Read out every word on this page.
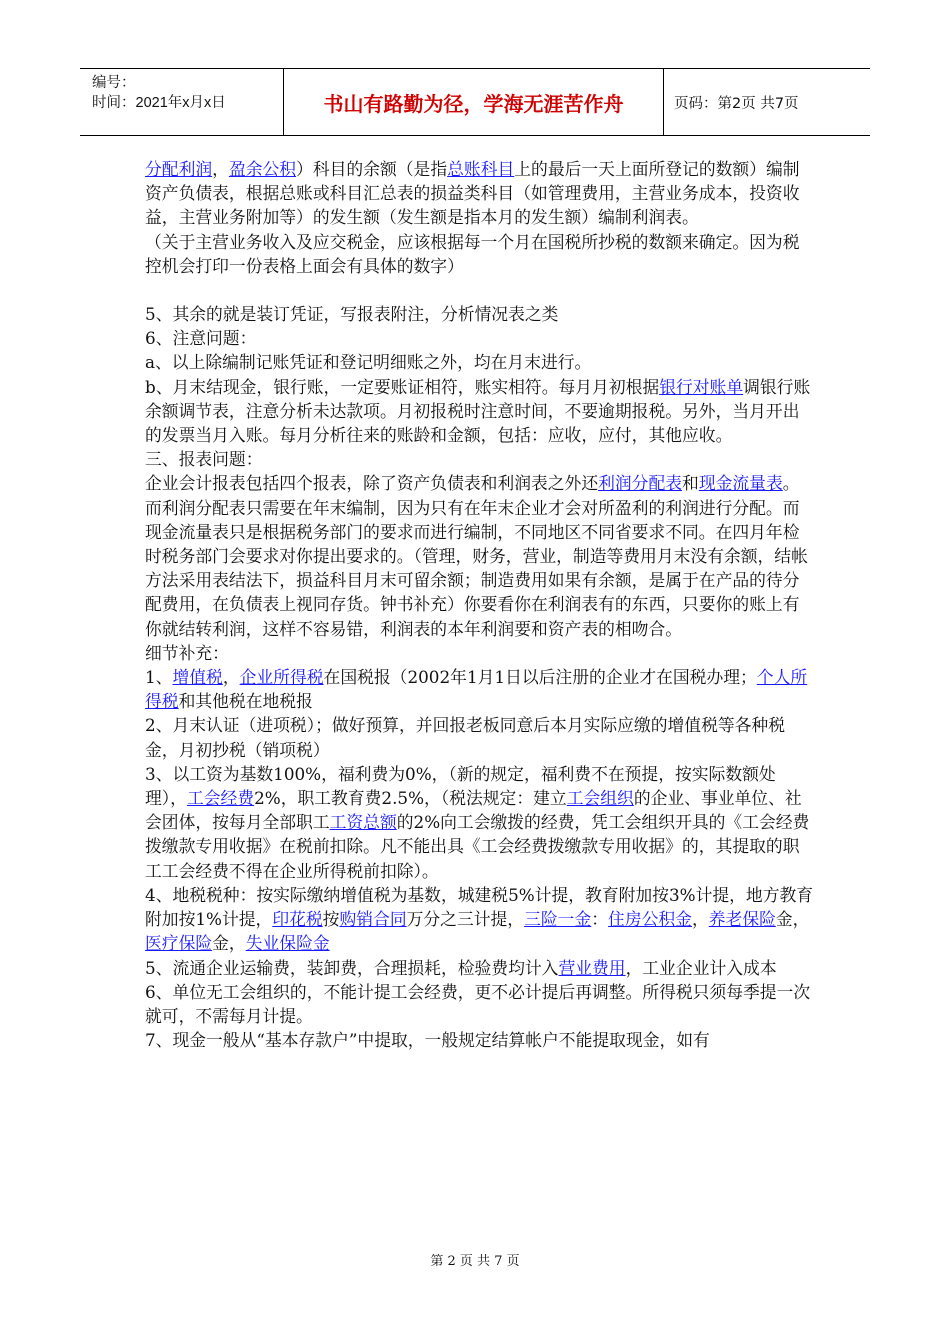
编号：
时间：2021年x月x日	书山有路勤为径，学海无涯苦作舟	页码：第2页 共7页
分配利润，盈余公积）科目的余额（是指总账科目上的最后一天上面所登记的数额）编制资产负债表，根据总账或科目汇总表的损益类科目（如管理费用，主营业务成本，投资收益，主营业务附加等）的发生额（发生额是指本月的发生额）编制利润表。
（关于主营业务收入及应交税金，应该根据每一个月在国税所抄税的数额来确定。因为税控机会打印一份表格上面会有具体的数字）
5、其余的就是装订凭证，写报表附注，分析情况表之类
6、注意问题：
a、以上除编制记账凭证和登记明细账之外，均在月末进行。
b、月末结现金，银行账，一定要账证相符，账实相符。每月月初根据银行对账单调银行账余额调节表，注意分析未达款项。月初报税时注意时间，不要逾期报税。另外，当月开出的发票当月入账。每月分析往来的账龄和金额，包括：应收，应付，其他应收。
三、报表问题：
企业会计报表包括四个报表，除了资产负债表和利润表之外还利润分配表和现金流量表。而利润分配表只需要在年末编制，因为只有在年末企业才会对所盈利的利润进行分配。而现金流量表只是根据税务部门的要求而进行编制，不同地区不同省要求不同。在四月年检时税务部门会要求对你提出要求的。（管理，财务，营业，制造等费用月末没有余额，结帐方法采用表结法下，损益科目月末可留余额；制造费用如果有余额，是属于在产品的待分配费用，在负债表上视同存货。钟书补充）你要看你在利润表有的东西，只要你的账上有你就结转利润，这样不容易错，利润表的本年利润要和资产表的相吻合。
细节补充：
1、增值税，企业所得税在国税报（2002年1月1日以后注册的企业才在国税办理；个人所得税和其他税在地税报
2、月末认证（进项税）；做好预算，并回报老板同意后本月实际应缴的增值税等各种税金，月初抄税（销项税）
3、以工资为基数100%，福利费为0%，（新的规定，福利费不在预提，按实际数额处理），工会经费2%，职工教育费2.5%，（税法规定：建立工会组织的企业、事业单位、社会团体，按每月全部职工工资总额的2%向工会缴拨的经费，凭工会组织开具的《工会经费拨缴款专用收据》在税前扣除。凡不能出具《工会经费拨缴款专用收据》的，其提取的职工工会经费不得在企业所得税前扣除）。
4、地税税种：按实际缴纳增值税为基数，城建税5%计提，教育附加按3%计提，地方教育附加按1%计提，印花税按购销合同万分之三计提，三险一金：住房公积金，养老保险金，医疗保险金，失业保险金
5、流通企业运输费，装卸费，合理损耗，检验费均计入营业费用，工业企业计入成本
6、单位无工会组织的，不能计提工会经费，更不必计提后再调整。所得税只须每季提一次就可，不需每月计提。
7、现金一般从“基本存款户”中提取，一般规定结算帐户不能提取现金，如有
第 2 页 共 7 页
